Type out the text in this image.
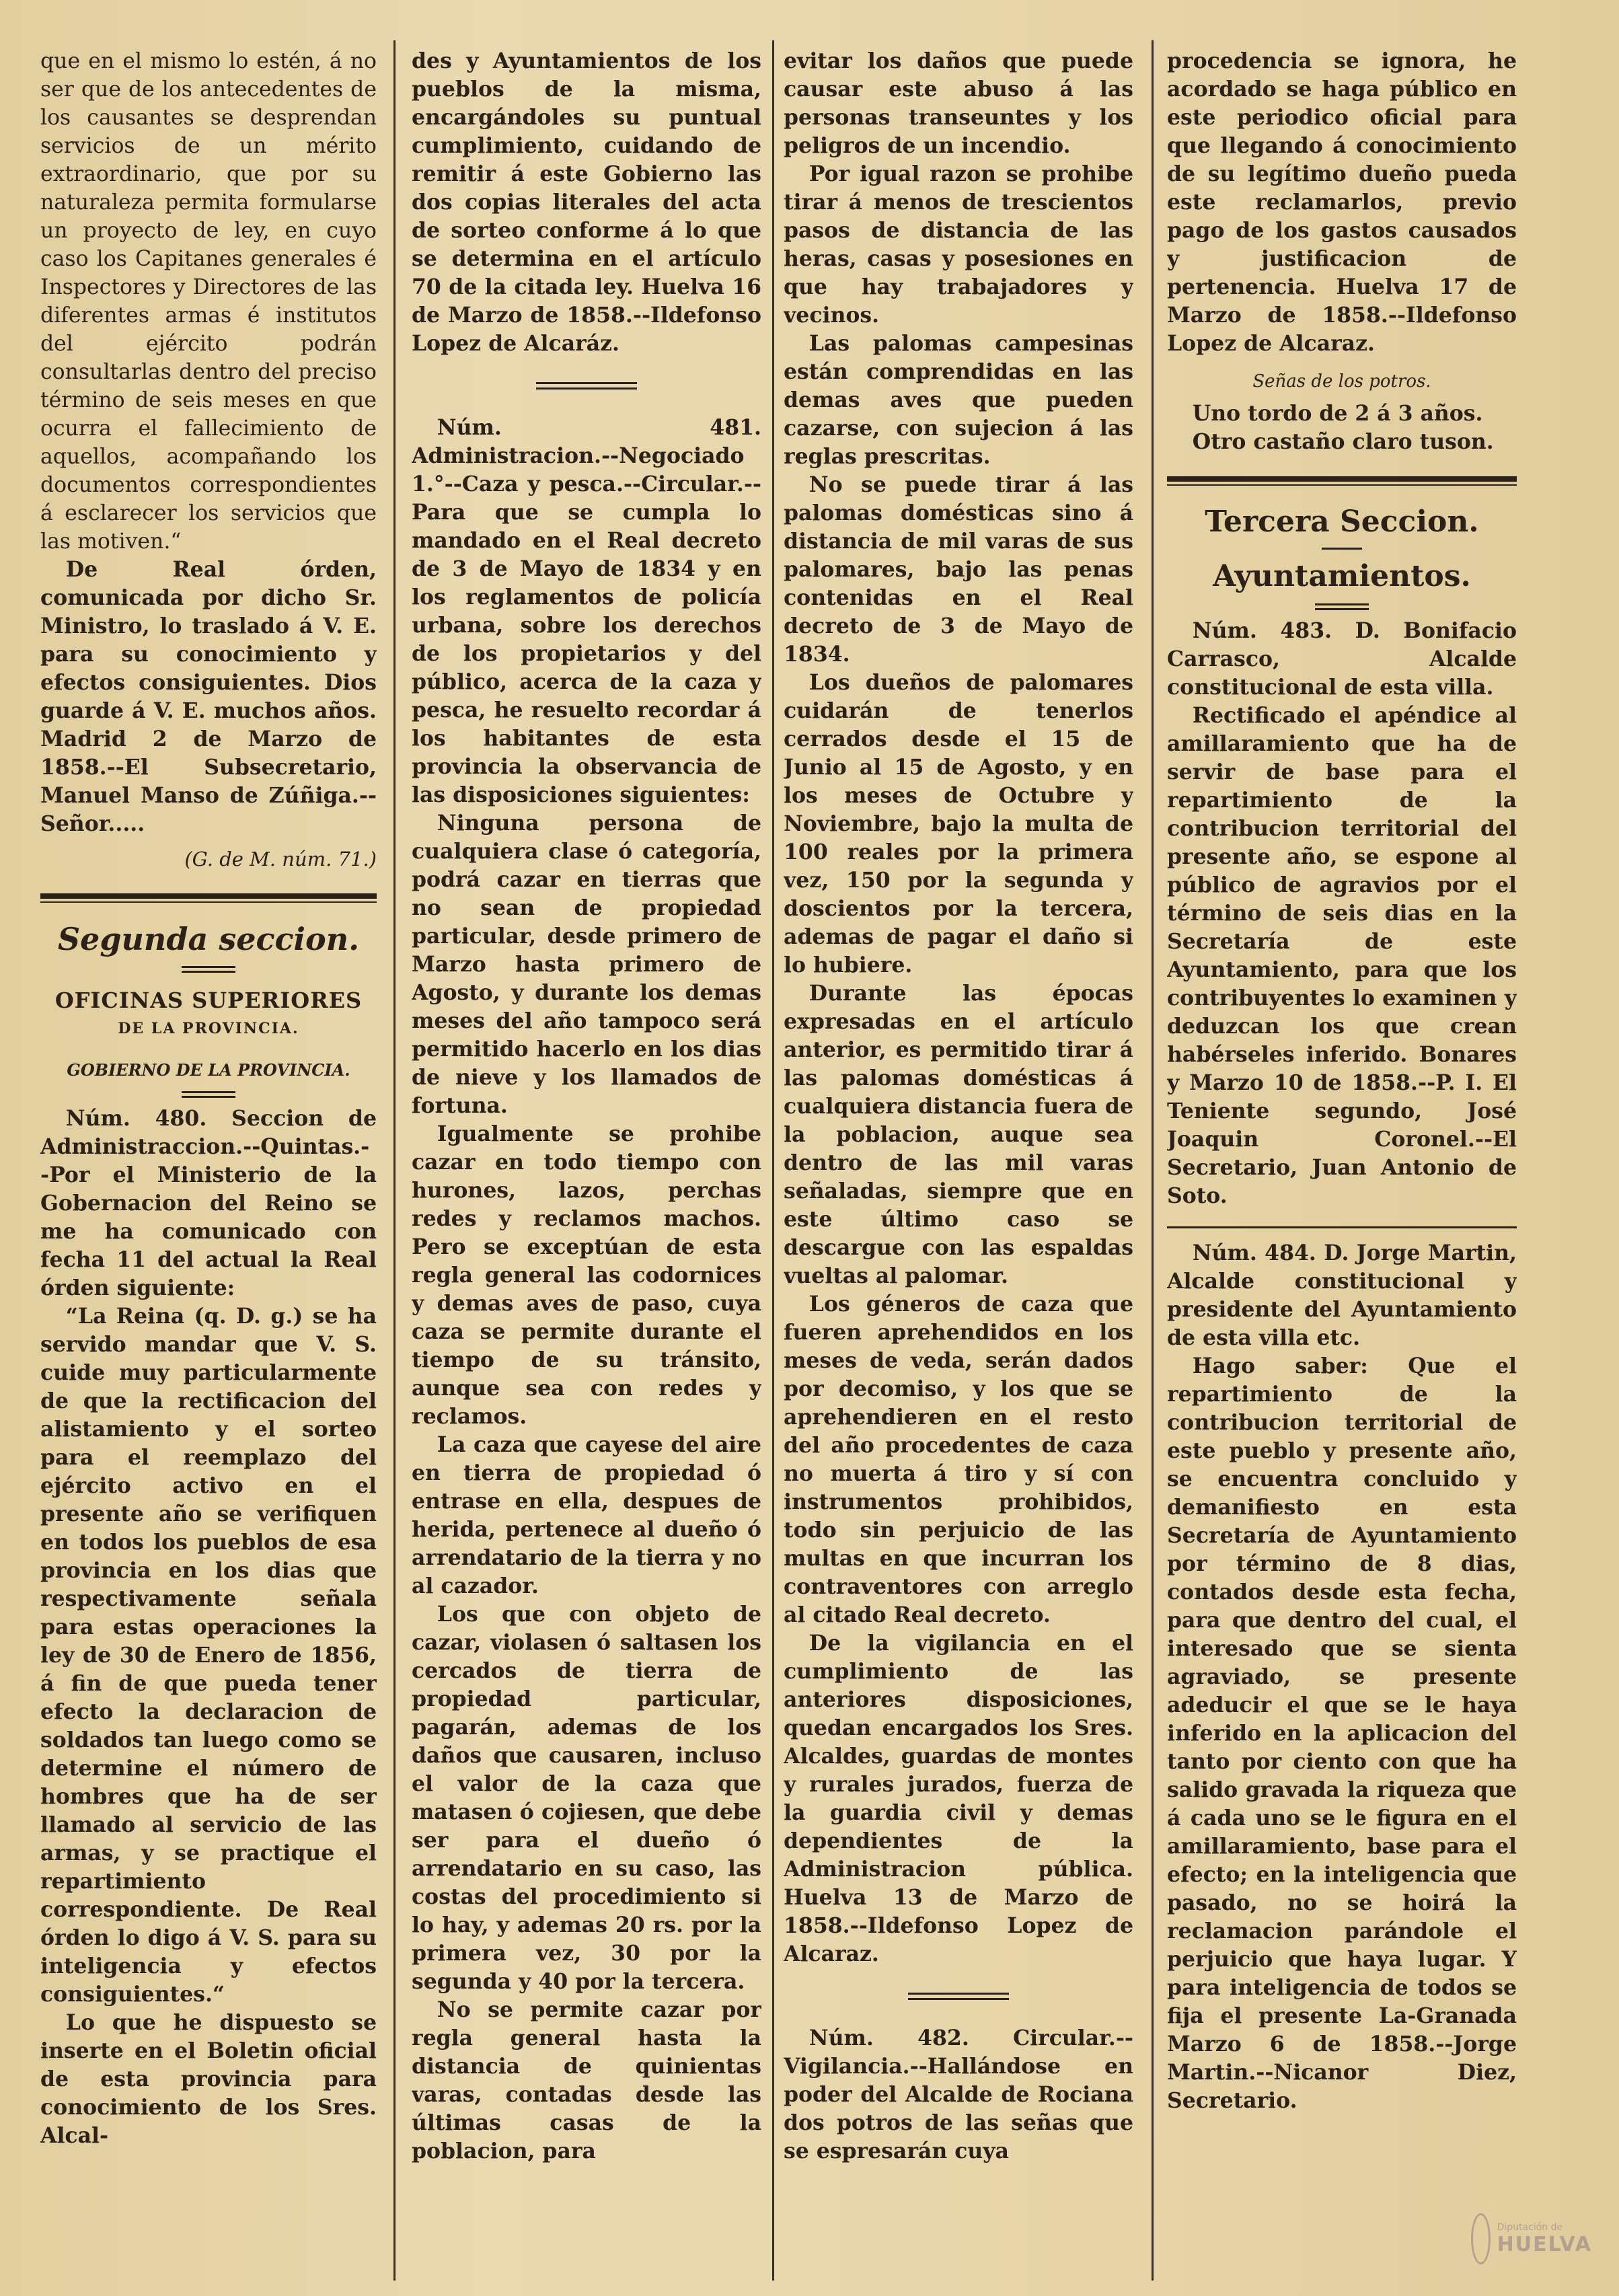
que en el mismo lo estén, á no ser que de los antecedentes de los causantes se desprendan servicios de un mérito extraordinario, que por su naturaleza permita formularse un proyecto de ley, en cuyo caso los Capitanes generales é Inspectores y Directores de las diferentes armas é institutos del ejército podrán consultarlas dentro del preciso término de seis meses en que ocurra el fallecimiento de aquellos, acompañando los documentos correspondientes á esclarecer los servicios que las motiven.“

De Real órden, comunicada por dicho Sr. Ministro, lo traslado á V. E. para su conocimiento y efectos consiguientes. Dios guarde á V. E. muchos años. Madrid 2 de Marzo de 1858.--El Subsecretario, Manuel Manso de Zúñiga.--Señor.....

(G. de M. núm. 71.)
Segunda seccion.
OFICINAS SUPERIORES
DE LA PROVINCIA.
GOBIERNO DE LA PROVINCIA.

Núm. 480. Seccion de Administraccion.--Quintas.--Por el Ministerio de la Gobernacion del Reino se me ha comunicado con fecha 11 del actual la Real órden siguiente:

“La Reina (q. D. g.) se ha servido mandar que V. S. cuide muy particularmente de que la rectificacion del alistamiento y el sorteo para el reemplazo del ejército activo en el presente año se verifiquen en todos los pueblos de esa provincia en los dias que respectivamente señala para estas operaciones la ley de 30 de Enero de 1856, á fin de que pueda tener efecto la declaracion de soldados tan luego como se determine el número de hombres que ha de ser llamado al servicio de las armas, y se practique el repartimiento correspondiente. De Real órden lo digo á V. S. para su inteligencia y efectos consiguientes.“

Lo que he dispuesto se inserte en el Boletin oficial de esta provincia para conocimiento de los Sres. Alcal-

des y Ayuntamientos de los pueblos de la misma, encargándoles su puntual cumplimiento, cuidando de remitir á este Gobierno las dos copias literales del acta de sorteo conforme á lo que se determina en el artículo 70 de la citada ley. Huelva 16 de Marzo de 1858.--Ildefonso Lopez de Alcaráz.

Núm. 481. Administracion.--Negociado 1.°--Caza y pesca.--Circular.--Para que se cumpla lo mandado en el Real decreto de 3 de Mayo de 1834 y en los reglamentos de policía urbana, sobre los derechos de los propietarios y del público, acerca de la caza y pesca, he resuelto recordar á los habitantes de esta provincia la observancia de las disposiciones siguientes:

Ninguna persona de cualquiera clase ó categoría, podrá cazar en tierras que no sean de propiedad particular, desde primero de Marzo hasta primero de Agosto, y durante los demas meses del año tampoco será permitido hacerlo en los dias de nieve y los llamados de fortuna.

Igualmente se prohibe cazar en todo tiempo con hurones, lazos, perchas redes y reclamos machos. Pero se exceptúan de esta regla general las codornices y demas aves de paso, cuya caza se permite durante el tiempo de su tránsito, aunque sea con redes y reclamos.

La caza que cayese del aire en tierra de propiedad ó entrase en ella, despues de herida, pertenece al dueño ó arrendatario de la tierra y no al cazador.

Los que con objeto de cazar, violasen ó saltasen los cercados de tierra de propiedad particular, pagarán, ademas de los daños que causaren, incluso el valor de la caza que matasen ó cojiesen, que debe ser para el dueño ó arrendatario en su caso, las costas del procedimiento si lo hay, y ademas 20 rs. por la primera vez, 30 por la segunda y 40 por la tercera.

No se permite cazar por regla general hasta la distancia de quinientas varas, contadas desde las últimas casas de la poblacion, para

evitar los daños que puede causar este abuso á las personas transeuntes y los peligros de un incendio.

Por igual razon se prohibe tirar á menos de trescientos pasos de distancia de las heras, casas y posesiones en que hay trabajadores y vecinos.

Las palomas campesinas están comprendidas en las demas aves que pueden cazarse, con sujecion á las reglas prescritas.

No se puede tirar á las palomas domésticas sino á distancia de mil varas de sus palomares, bajo las penas contenidas en el Real decreto de 3 de Mayo de 1834.

Los dueños de palomares cuidarán de tenerlos cerrados desde el 15 de Junio al 15 de Agosto, y en los meses de Octubre y Noviembre, bajo la multa de 100 reales por la primera vez, 150 por la segunda y doscientos por la tercera, ademas de pagar el daño si lo hubiere.

Durante las épocas expresadas en el artículo anterior, es permitido tirar á las palomas domésticas á cualquiera distancia fuera de la poblacion, auque sea dentro de las mil varas señaladas, siempre que en este último caso se descargue con las espaldas vueltas al palomar.

Los géneros de caza que fueren aprehendidos en los meses de veda, serán dados por decomiso, y los que se aprehendieren en el resto del año procedentes de caza no muerta á tiro y sí con instrumentos prohibidos, todo sin perjuicio de las multas en que incurran los contraventores con arreglo al citado Real decreto.

De la vigilancia en el cumplimiento de las anteriores disposiciones, quedan encargados los Sres. Alcaldes, guardas de montes y rurales jurados, fuerza de la guardia civil y demas dependientes de la Administracion pública. Huelva 13 de Marzo de 1858.--Ildefonso Lopez de Alcaraz.

Núm. 482. Circular.--Vigilancia.--Hallándose en poder del Alcalde de Rociana dos potros de las señas que se espresarán cuya

procedencia se ignora, he acordado se haga público en este periodico oficial para que llegando á conocimiento de su legítimo dueño pueda este reclamarlos, previo pago de los gastos causados y justificacion de pertenencia. Huelva 17 de Marzo de 1858.--Ildefonso Lopez de Alcaraz.

Señas de los potros.

Uno tordo de 2 á 3 años.

Otro castaño claro tuson.

Tercera Seccion.
Ayuntamientos.

Núm. 483. D. Bonifacio Carrasco, Alcalde constitucional de esta villa.

Rectificado el apéndice al amillaramiento que ha de servir de base para el repartimiento de la contribucion territorial del presente año, se espone al público de agravios por el término de seis dias en la Secretaría de este Ayuntamiento, para que los contribuyentes lo examinen y deduzcan los que crean habérseles inferido. Bonares y Marzo 10 de 1858.--P. I. El Teniente segundo, José Joaquin Coronel.--El Secretario, Juan Antonio de Soto.

Núm. 484. D. Jorge Martin, Alcalde constitucional y presidente del Ayuntamiento de esta villa etc.

Hago saber: Que el repartimiento de la contribucion territorial de este pueblo y presente año, se encuentra concluido y demanifiesto en esta Secretaría de Ayuntamiento por término de 8 dias, contados desde esta fecha, para que dentro del cual, el interesado que se sienta agraviado, se presente adeducir el que se le haya inferido en la aplicacion del tanto por ciento con que ha salido gravada la riqueza que á cada uno se le figura en el amillaramiento, base para el efecto; en la inteligencia que pasado, no se hoirá la reclamacion parándole el perjuicio que haya lugar. Y para inteligencia de todos se fija el presente La-Granada Marzo 6 de 1858.--Jorge Martin.--Nicanor Diez, Secretario.

Diputación de
HUELVA
